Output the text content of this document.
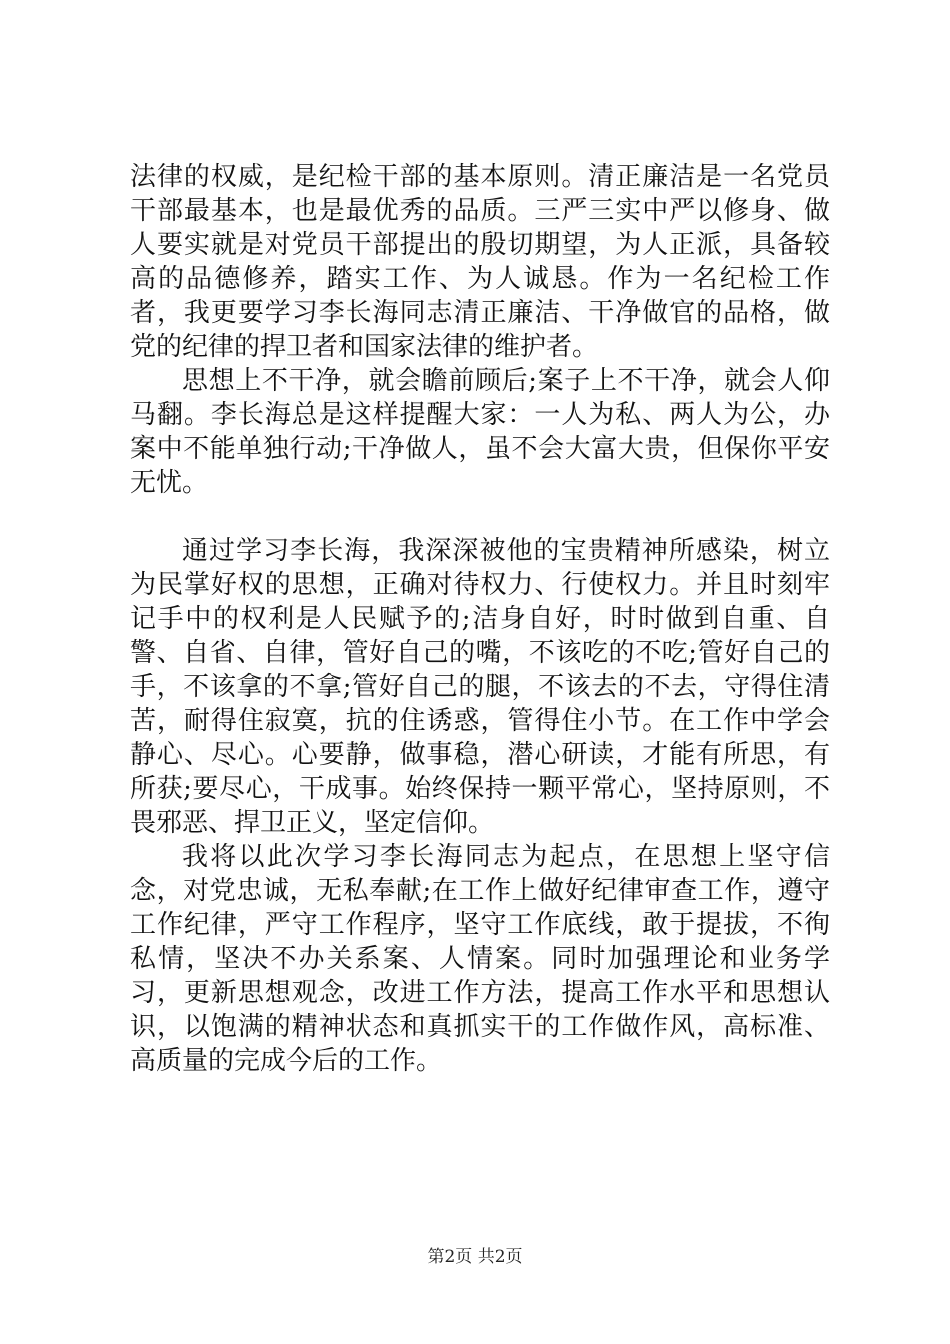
法律的权威，是纪检干部的基本原则。清正廉洁是一名党员干部最基本，也是最优秀的品质。三严三实中严以修身、做人要实就是对党员干部提出的殷切期望，为人正派，具备较高的品德修养，踏实工作、为人诚恳。作为一名纪检工作者，我更要学习李长海同志清正廉洁、干净做官的品格，做党的纪律的捍卫者和国家法律的维护者。

思想上不干净，就会瞻前顾后;案子上不干净，就会人仰马翻。李长海总是这样提醒大家：一人为私、两人为公，办案中不能单独行动;干净做人，虽不会大富大贵，但保你平安无忧。

通过学习李长海，我深深被他的宝贵精神所感染，树立为民掌好权的思想，正确对待权力、行使权力。并且时刻牢记手中的权利是人民赋予的;洁身自好，时时做到自重、自警、自省、自律，管好自己的嘴，不该吃的不吃;管好自己的手，不该拿的不拿;管好自己的腿，不该去的不去，守得住清苦，耐得住寂寞，抗的住诱惑，管得住小节。在工作中学会静心、尽心。心要静，做事稳，潜心研读，才能有所思，有所获;要尽心，干成事。始终保持一颗平常心，坚持原则，不畏邪恶、捍卫正义，坚定信仰。

我将以此次学习李长海同志为起点，在思想上坚守信念，对党忠诚，无私奉献;在工作上做好纪律审查工作，遵守工作纪律，严守工作程序，坚守工作底线，敢于提拔，不徇私情，坚决不办关系案、人情案。同时加强理论和业务学习，更新思想观念，改进工作方法，提高工作水平和思想认识，以饱满的精神状态和真抓实干的工作做作风，高标准、高质量的完成今后的工作。

第2页 共2页
